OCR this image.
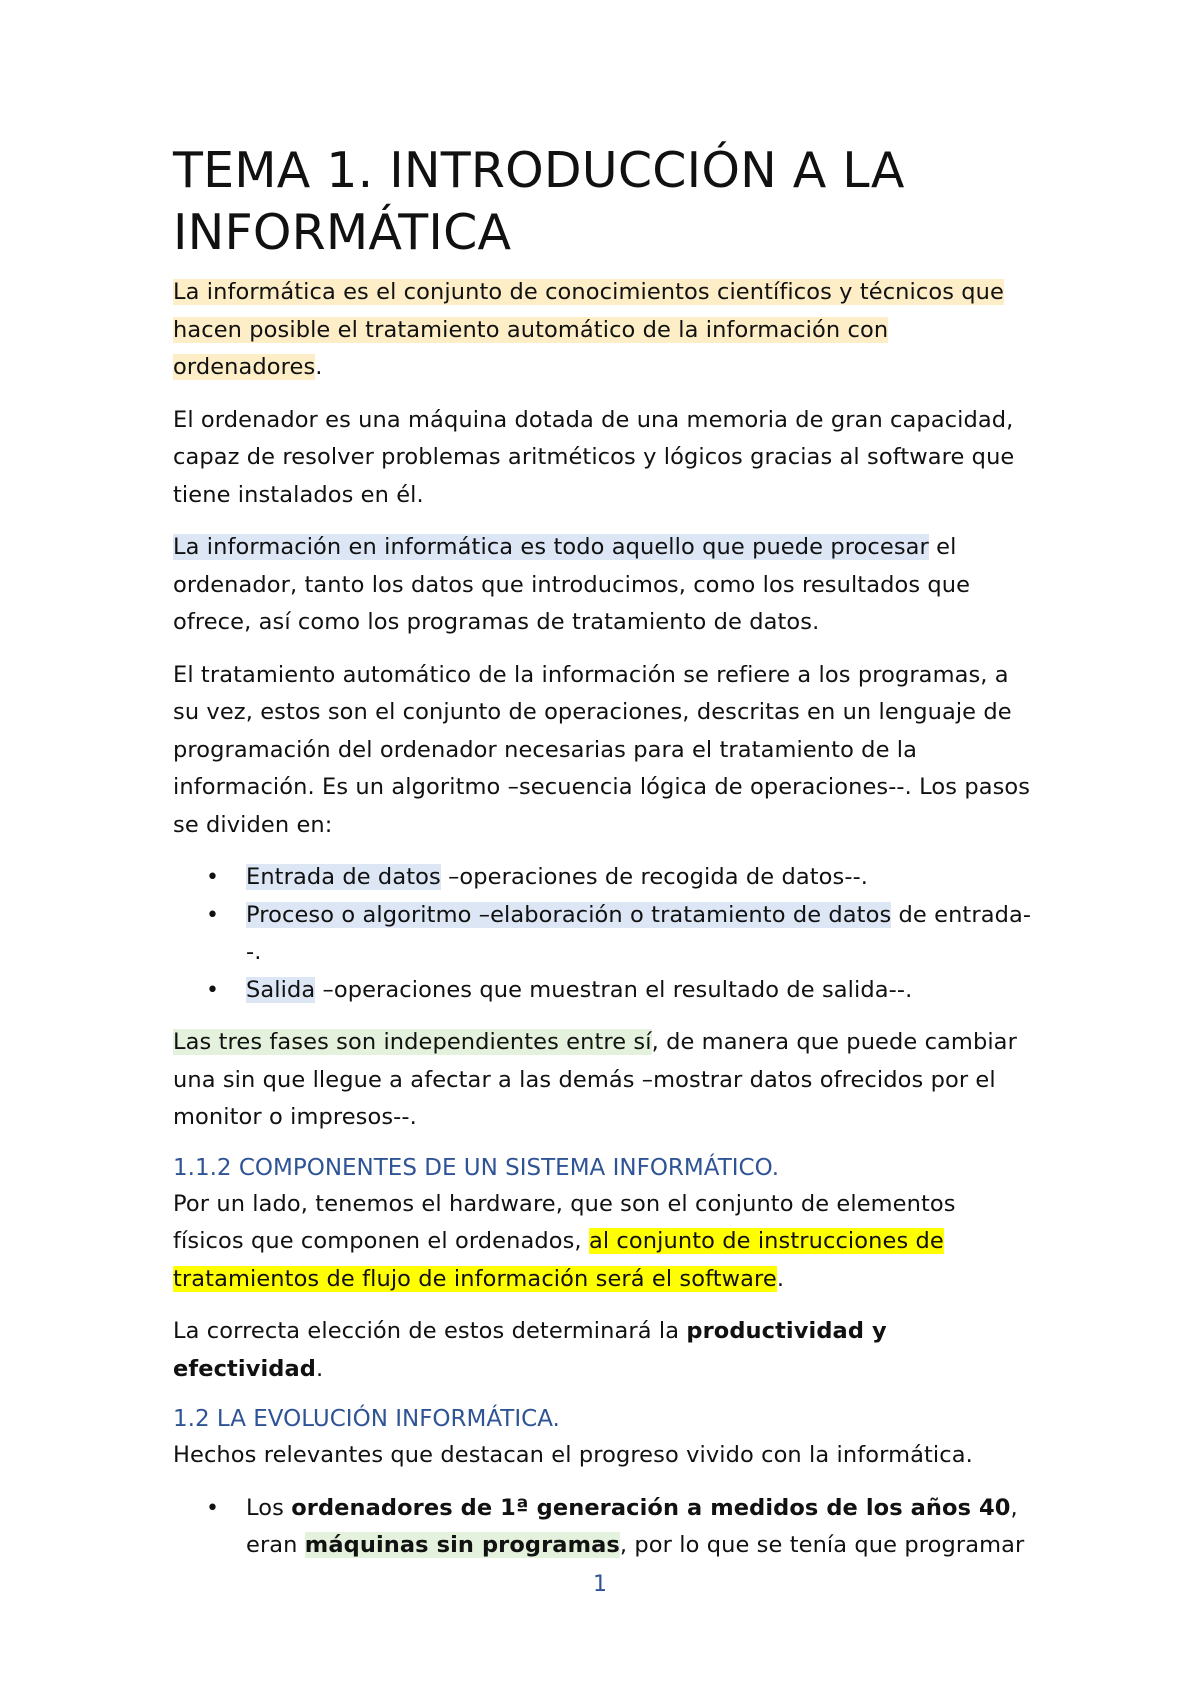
TEMA 1. INTRODUCCIÓN A LA INFORMÁTICA

La informática es el conjunto de conocimientos científicos y técnicos que hacen posible el tratamiento automático de la información con ordenadores.

El ordenador es una máquina dotada de una memoria de gran capacidad, capaz de resolver problemas aritméticos y lógicos gracias al software que tiene instalados en él.

La información en informática es todo aquello que puede procesar el ordenador, tanto los datos que introducimos, como los resultados que ofrece, así como los programas de tratamiento de datos.

El tratamiento automático de la información se refiere a los programas, a su vez, estos son el conjunto de operaciones, descritas en un lenguaje de programación del ordenador necesarias para el tratamiento de la información. Es un algoritmo –secuencia lógica de operaciones--. Los pasos se dividen en:

• Entrada de datos –operaciones de recogida de datos--.
• Proceso o algoritmo –elaboración o tratamiento de datos de entrada--.
• Salida –operaciones que muestran el resultado de salida--.

Las tres fases son independientes entre sí, de manera que puede cambiar una sin que llegue a afectar a las demás –mostrar datos ofrecidos por el monitor o impresos--.

1.1.2 COMPONENTES DE UN SISTEMA INFORMÁTICO.

Por un lado, tenemos el hardware, que son el conjunto de elementos físicos que componen el ordenados, al conjunto de instrucciones de tratamientos de flujo de información será el software.

La correcta elección de estos determinará la productividad y efectividad.

1.2 LA EVOLUCIÓN INFORMÁTICA.

Hechos relevantes que destacan el progreso vivido con la informática.

• Los ordenadores de 1ª generación a medidos de los años 40, eran máquinas sin programas, por lo que se tenía que programar
1
